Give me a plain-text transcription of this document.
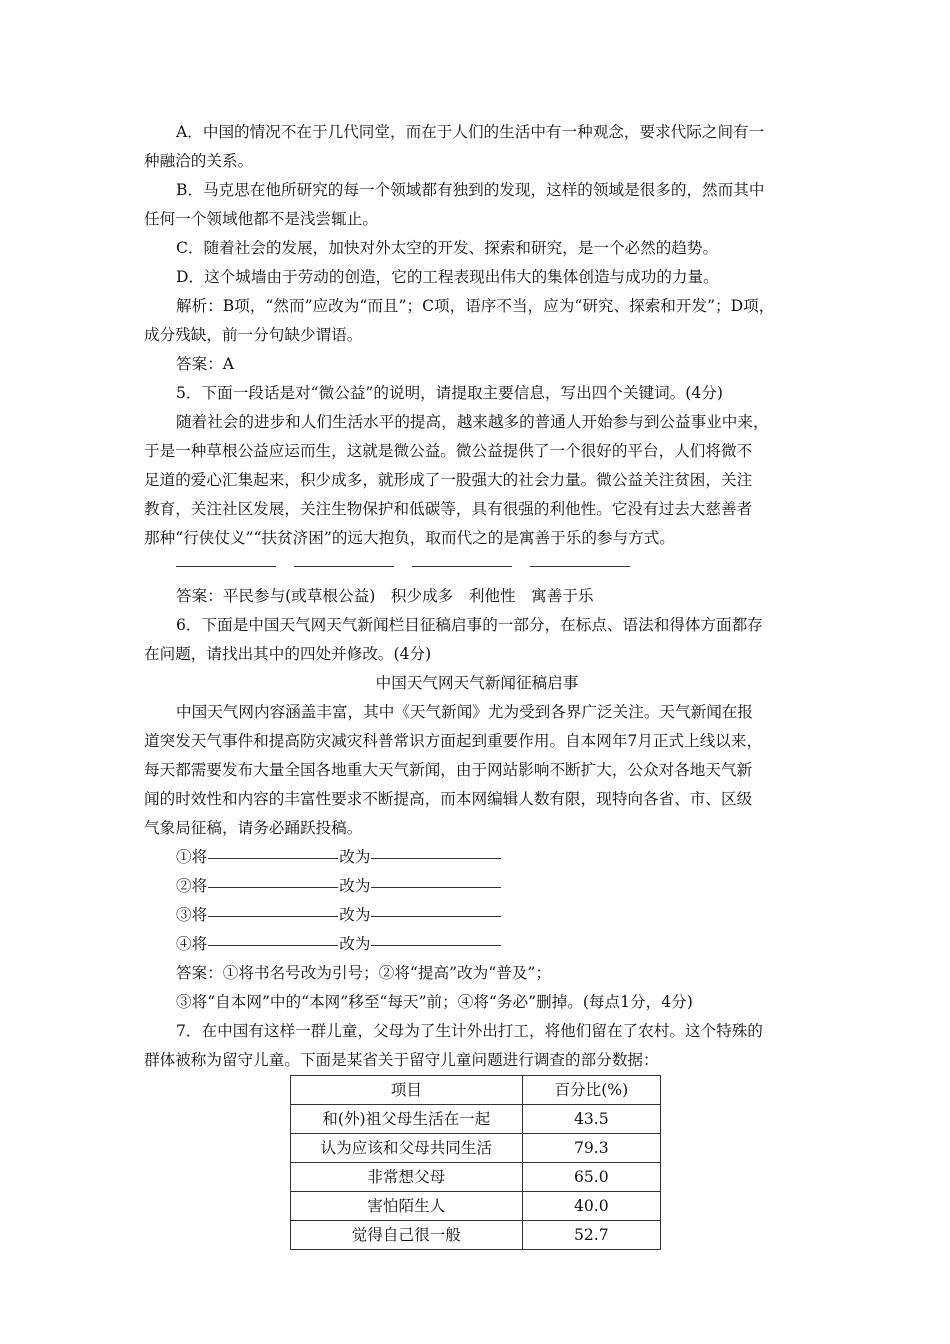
A．中国的情况不在于几代同堂，而在于人们的生活中有一种观念，要求代际之间有一
种融洽的关系。
B．马克思在他所研究的每一个领域都有独到的发现，这样的领域是很多的，然而其中
任何一个领域他都不是浅尝辄止。
C．随着社会的发展，加快对外太空的开发、探索和研究，是一个必然的趋势。
D．这个城墙由于劳动的创造，它的工程表现出伟大的集体创造与成功的力量。
解析：B项，“然而”应改为“而且”；C项，语序不当，应为“研究、探索和开发”；D项，
成分残缺，前一分句缺少谓语。
答案：A
5．下面一段话是对“微公益”的说明，请提取主要信息，写出四个关键词。(4分)
随着社会的进步和人们生活水平的提高，越来越多的普通人开始参与到公益事业中来，
于是一种草根公益应运而生，这就是微公益。微公益提供了一个很好的平台，人们将微不
足道的爱心汇集起来，积少成多，就形成了一股强大的社会力量。微公益关注贫困，关注
教育，关注社区发展，关注生物保护和低碳等，具有很强的利他性。它没有过去大慈善者
那种“行侠仗义”“扶贫济困”的远大抱负，取而代之的是寓善于乐的参与方式。
答案：平民参与(或草根公益)　积少成多　利他性　寓善于乐
6．下面是中国天气网天气新闻栏目征稿启事的一部分，在标点、语法和得体方面都存
在问题，请找出其中的四处并修改。(4分)
中国天气网天气新闻征稿启事
中国天气网内容涵盖丰富，其中《天气新闻》尤为受到各界广泛关注。天气新闻在报
道突发天气事件和提高防灾减灾科普常识方面起到重要作用。自本网年7月正式上线以来，
每天都需要发布大量全国各地重大天气新闻，由于网站影响不断扩大，公众对各地天气新
闻的时效性和内容的丰富性要求不断提高，而本网编辑人数有限，现特向各省、市、区级
气象局征稿，请务必踊跃投稿。
①将	改为
②将	改为
③将	改为
④将	改为
答案：①将书名号改为引号；②将“提高”改为“普及”；
③将“自本网”中的“本网”移至“每天”前；④将“务必”删掉。(每点1分，4分)
7．在中国有这样一群儿童，父母为了生计外出打工，将他们留在了农村。这个特殊的
群体被称为留守儿童。下面是某省关于留守儿童问题进行调查的部分数据：
项目	百分比(%)
和(外)祖父母生活在一起	43.5
认为应该和父母共同生活	79.3
非常想父母	65.0
害怕陌生人	40.0
觉得自己很一般	52.7
